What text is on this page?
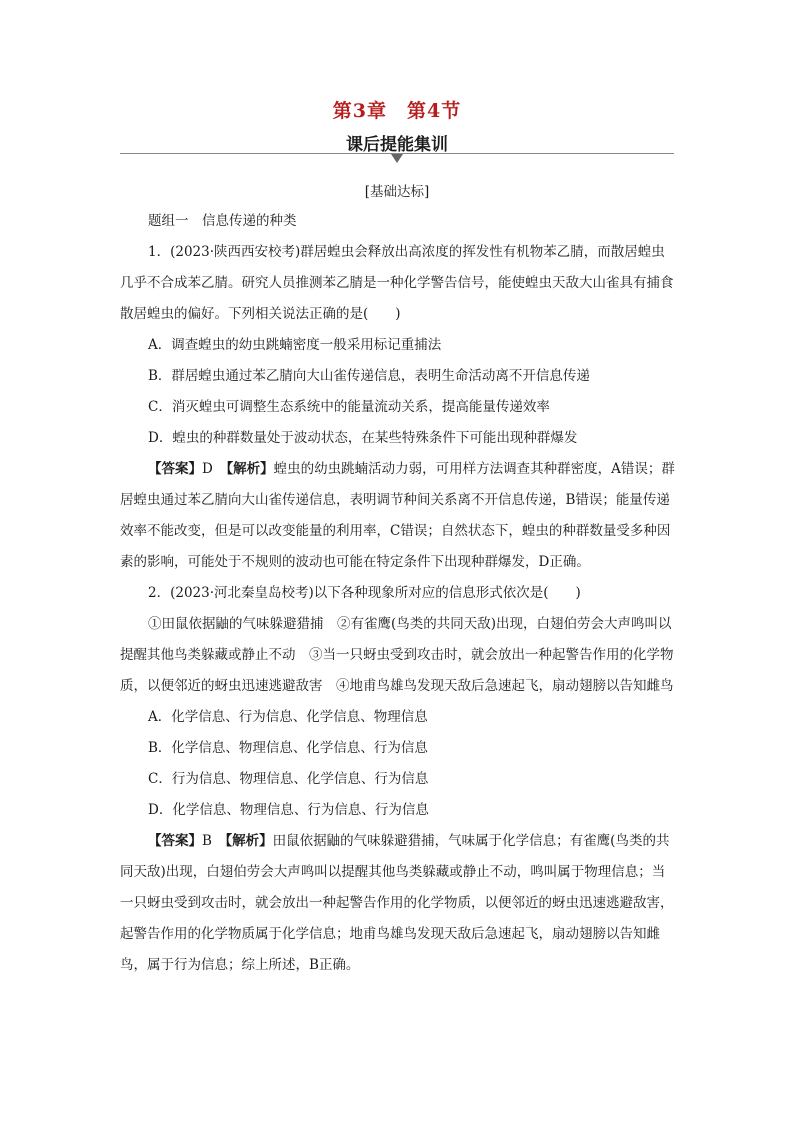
第3章　第4节
课后提能集训
[基础达标]

题组一　信息传递的种类

1．(2023·陕西西安校考)群居蝗虫会释放出高浓度的挥发性有机物苯乙腈，而散居蝗虫几乎不合成苯乙腈。研究人员推测苯乙腈是一种化学警告信号，能使蝗虫天敌大山雀具有捕食散居蝗虫的偏好。下列相关说法正确的是(　　)

A．调查蝗虫的幼虫跳蝻密度一般采用标记重捕法

B．群居蝗虫通过苯乙腈向大山雀传递信息，表明生命活动离不开信息传递

C．消灭蝗虫可调整生态系统中的能量流动关系，提高能量传递效率

D．蝗虫的种群数量处于波动状态，在某些特殊条件下可能出现种群爆发

【答案】D　 【解析】蝗虫的幼虫跳蝻活动力弱，可用样方法调查其种群密度，A错误；群居蝗虫通过苯乙腈向大山雀传递信息，表明调节种间关系离不开信息传递，B错误；能量传递效率不能改变，但是可以改变能量的利用率，C错误；自然状态下，蝗虫的种群数量受多种因素的影响，可能处于不规则的波动也可能在特定条件下出现种群爆发，D正确。

2．(2023·河北秦皇岛校考)以下各种现象所对应的信息形式依次是(　　)

①田鼠依据鼬的气味躲避猎捕　②有雀鹰(鸟类的共同天敌)出现，白翅伯劳会大声鸣叫以提醒其他鸟类躲藏或静止不动　③当一只蚜虫受到攻击时，就会放出一种起警告作用的化学物质，以便邻近的蚜虫迅速逃避敌害　④地甫鸟雄鸟发现天敌后急速起飞，扇动翅膀以告知雌鸟

A．化学信息、行为信息、化学信息、物理信息

B．化学信息、物理信息、化学信息、行为信息

C．行为信息、物理信息、化学信息、行为信息

D．化学信息、物理信息、行为信息、行为信息

【答案】B　 【解析】田鼠依据鼬的气味躲避猎捕，气味属于化学信息；有雀鹰(鸟类的共同天敌)出现，白翅伯劳会大声鸣叫以提醒其他鸟类躲藏或静止不动，鸣叫属于物理信息；当一只蚜虫受到攻击时，就会放出一种起警告作用的化学物质，以便邻近的蚜虫迅速逃避敌害，起警告作用的化学物质属于化学信息；地甫鸟雄鸟发现天敌后急速起飞，扇动翅膀以告知雌鸟，属于行为信息；综上所述，B正确。
